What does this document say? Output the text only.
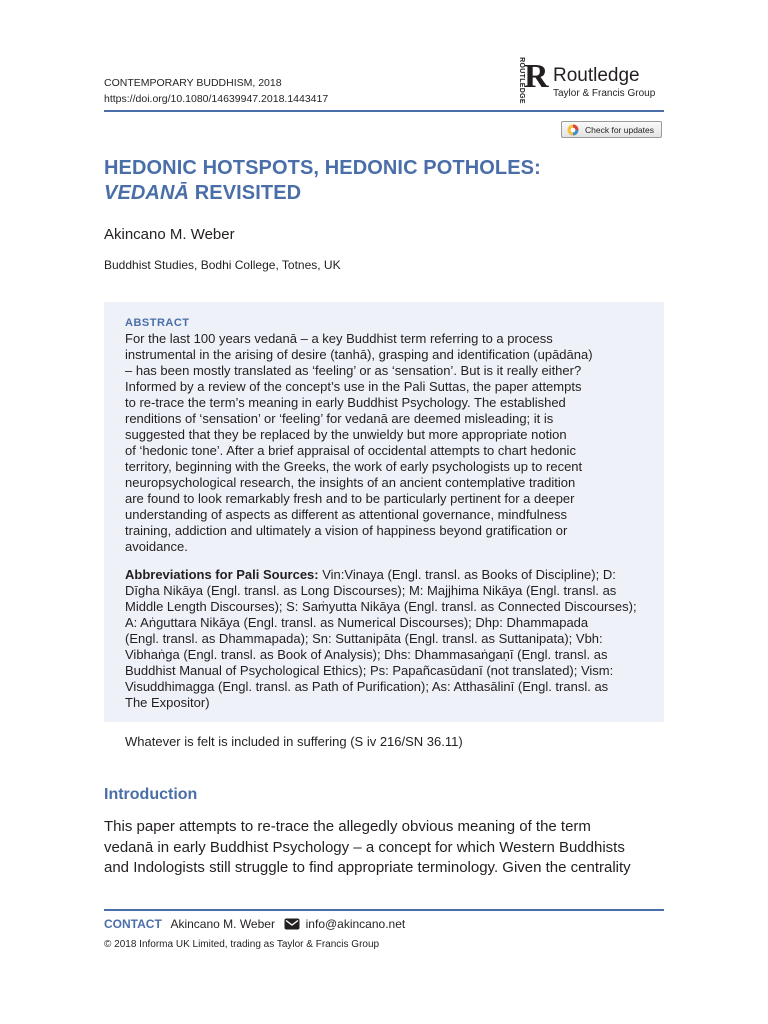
CONTEMPORARY BUDDHISM, 2018
https://doi.org/10.1080/14639947.2018.1443417	ROUTLEDGE R Routledge
Taylor & Francis Group
Check for updates
HEDONIC HOTSPOTS, HEDONIC POTHOLES:
VEDANĀ REVISITED
Akincano M. Weber
Buddhist Studies, Bodhi College, Totnes, UK
ABSTRACT
For the last 100 years vedanā – a key Buddhist term referring to a process
instrumental in the arising of desire (tanhā), grasping and identification (upādāna)
– has been mostly translated as ‘feeling’ or as ‘sensation’. But is it really either?
Informed by a review of the concept’s use in the Pali Suttas, the paper attempts
to re-trace the term’s meaning in early Buddhist Psychology. The established
renditions of ‘sensation’ or ‘feeling’ for vedanā are deemed misleading; it is
suggested that they be replaced by the unwieldy but more appropriate notion
of ‘hedonic tone’. After a brief appraisal of occidental attempts to chart hedonic
territory, beginning with the Greeks, the work of early psychologists up to recent
neuropsychological research, the insights of an ancient contemplative tradition
are found to look remarkably fresh and to be particularly pertinent for a deeper
understanding of aspects as different as attentional governance, mindfulness
training, addiction and ultimately a vision of happiness beyond gratification or
avoidance.
Abbreviations for Pali Sources: Vin:Vinaya (Engl. transl. as Books of Discipline); D:
Dīgha Nikāya (Engl. transl. as Long Discourses); M: Majjhima Nikāya (Engl. transl. as
Middle Length Discourses); S: Saṁyutta Nikāya (Engl. transl. as Connected Discourses);
A: Aṅguttara Nikāya (Engl. transl. as Numerical Discourses); Dhp: Dhammapada
(Engl. transl. as Dhammapada); Sn: Suttanipāta (Engl. transl. as Suttanipata); Vbh:
Vibhaṅga (Engl. transl. as Book of Analysis); Dhs: Dhammasaṅgaṇī (Engl. transl. as
Buddhist Manual of Psychological Ethics); Ps: Papañcasūdanī (not translated); Vism:
Visuddhimagga (Engl. transl. as Path of Purification); As: Atthasālinī (Engl. transl. as
The Expositor)
Whatever is felt is included in suffering (S iv 216/SN 36.11)
Introduction
This paper attempts to re-trace the allegedly obvious meaning of the term
vedanā in early Buddhist Psychology – a concept for which Western Buddhists
and Indologists still struggle to find appropriate terminology. Given the centrality
CONTACT Akincano M. Weber	info@akincano.net
© 2018 Informa UK Limited, trading as Taylor & Francis Group
